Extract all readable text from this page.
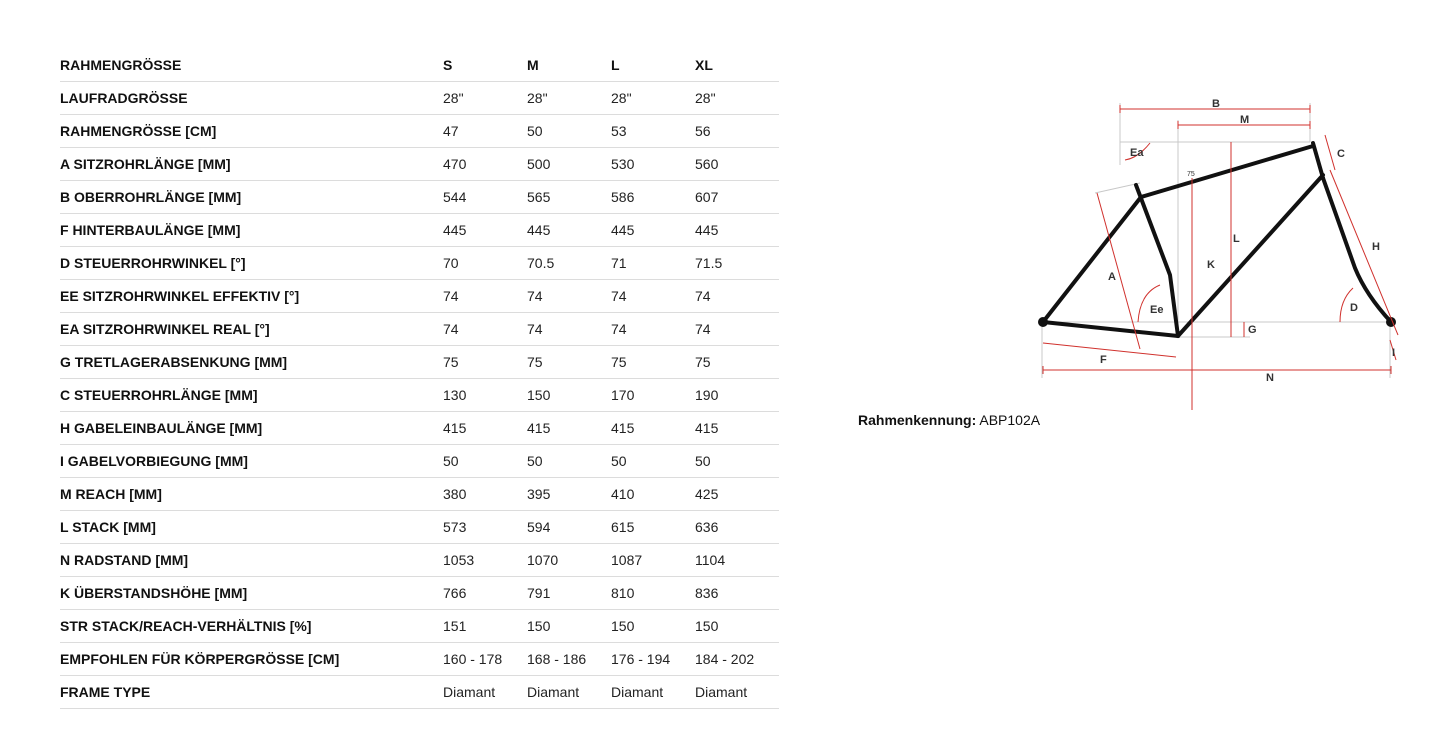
RAHMENGRÖSSE	S	M	L	XL
LAUFRADGRÖSSE	28"	28"	28"	28"
RAHMENGRÖSSE [CM]	47	50	53	56
A SITZROHRLÄNGE [MM]	470	500	530	560
B OBERROHRLÄNGE [MM]	544	565	586	607
F HINTERBAULÄNGE [MM]	445	445	445	445
D STEUERROHRWINKEL [°]	70	70.5	71	71.5
EE SITZROHRWINKEL EFFEKTIV [°]	74	74	74	74
EA SITZROHRWINKEL REAL [°]	74	74	74	74
G TRETLAGERABSENKUNG [MM]	75	75	75	75
C STEUERROHRLÄNGE [MM]	130	150	170	190
H GABELEINBAULÄNGE [MM]	415	415	415	415
I GABELVORBIEGUNG [MM]	50	50	50	50
M REACH [MM]	380	395	410	425
L STACK [MM]	573	594	615	636
N RADSTAND [MM]	1053	1070	1087	1104
K ÜBERSTANDSHÖHE [MM]	766	791	810	836
STR STACK/REACH-VERHÄLTNIS [%]	151	150	150	150
EMPFOHLEN FÜR KÖRPERGRÖSSE [CM]	160 - 178	168 - 186	176 - 194	184 - 202
FRAME TYPE	Diamant	Diamant	Diamant	Diamant
B
M
C
Ea
75
L
K
A
H
Ee	D
G
F
I
N
Rahmenkennung: ABP102A
